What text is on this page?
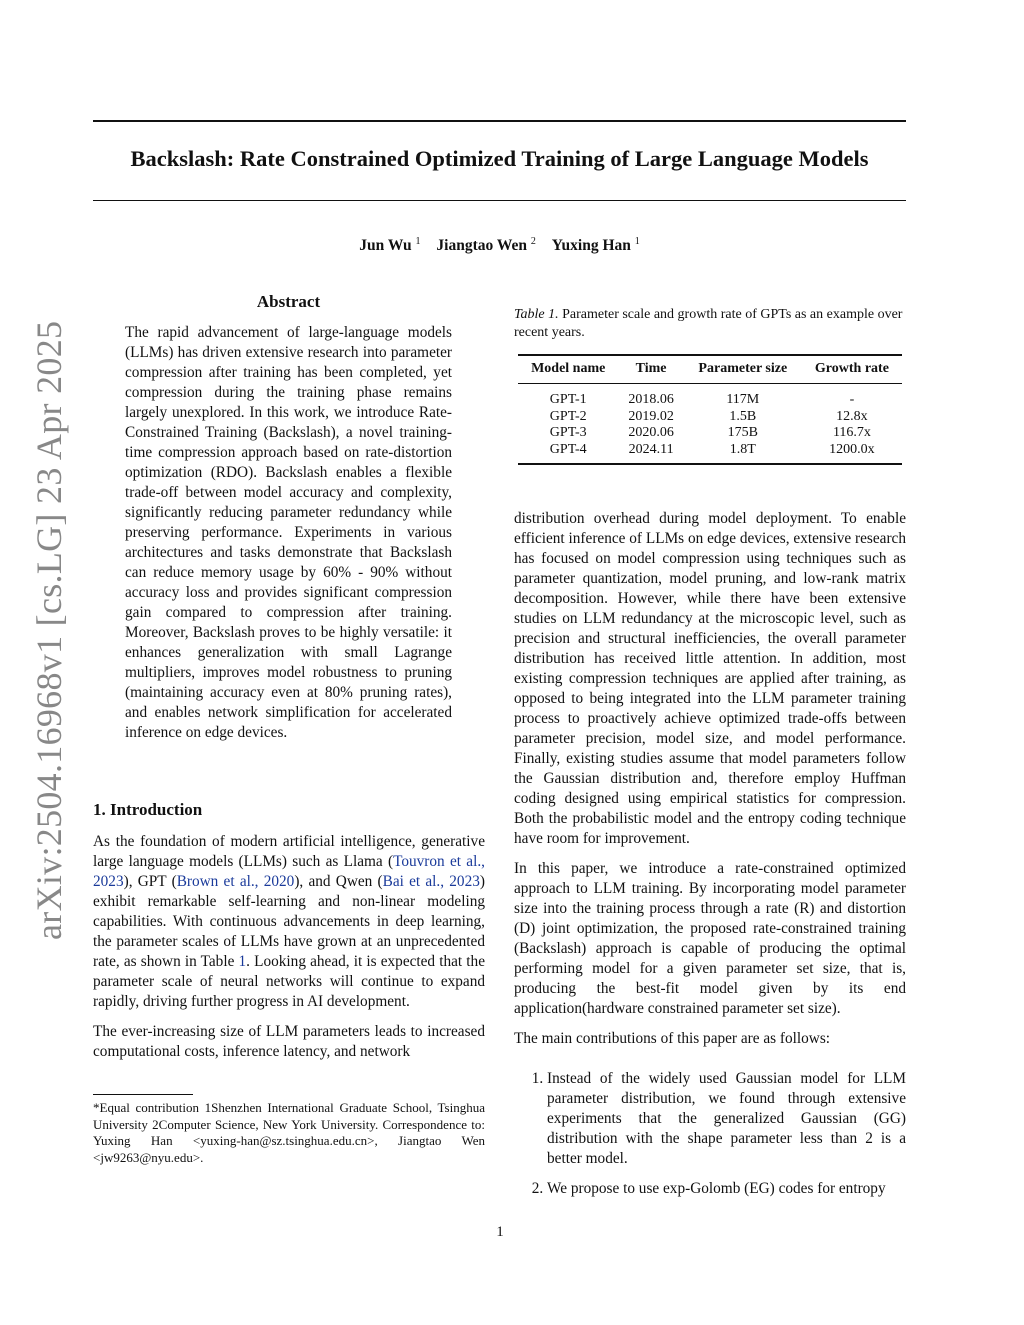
arXiv:2504.16968v1 [cs.LG] 23 Apr 2025
Backslash: Rate Constrained Optimized Training of Large Language Models
Jun Wu $^1$ Jiangtao Wen $^2$ Yuxing Han $^1$
Abstract

The rapid advancement of large-language models (LLMs) has driven extensive research into parameter compression after training has been completed, yet compression during the training phase remains largely unexplored. In this work, we introduce Rate-Constrained Training (Backslash), a novel training-time compression approach based on rate-distortion optimization (RDO). Backslash enables a flexible trade-off between model accuracy and complexity, significantly reducing parameter redundancy while preserving performance. Experiments in various architectures and tasks demonstrate that Backslash can reduce memory usage by 60% - 90% without accuracy loss and provides significant compression gain compared to compression after training. Moreover, Backslash proves to be highly versatile: it enhances generalization with small Lagrange multipliers, improves model robustness to pruning (maintaining accuracy even at 80% pruning rates), and enables network simplification for accelerated inference on edge devices.

1. Introduction

As the foundation of modern artificial intelligence, generative large language models (LLMs) such as Llama (Touvron et al., 2023), GPT (Brown et al., 2020), and Qwen (Bai et al., 2023) exhibit remarkable self-learning and non-linear modeling capabilities. With continuous advancements in deep learning, the parameter scales of LLMs have grown at an unprecedented rate, as shown in Table 1. Looking ahead, it is expected that the parameter scale of neural networks will continue to expand rapidly, driving further progress in AI development.

The ever-increasing size of LLM parameters leads to increased computational costs, inference latency, and network

*Equal contribution 1Shenzhen International Graduate School, Tsinghua University 2Computer Science, New York University. Correspondence to: Yuxing Han <yuxing-han@sz.tsinghua.edu.cn>, Jiangtao Wen <jw9263@nyu.edu>.
Table 1. Parameter scale and growth rate of GPTs as an example over recent years.
Model name	Time	Parameter size	Growth rate
GPT-1	2018.06	117M	-
GPT-2	2019.02	1.5B	12.8x
GPT-3	2020.06	175B	116.7x
GPT-4	2024.11	1.8T	1200.0x

distribution overhead during model deployment. To enable efficient inference of LLMs on edge devices, extensive research has focused on model compression using techniques such as parameter quantization, model pruning, and low-rank matrix decomposition. However, while there have been extensive studies on LLM redundancy at the microscopic level, such as precision and structural inefficiencies, the overall parameter distribution has received little attention. In addition, most existing compression techniques are applied after training, as opposed to being integrated into the LLM parameter training process to proactively achieve optimized trade-offs between parameter precision, model size, and model performance. Finally, existing studies assume that model parameters follow the Gaussian distribution and, therefore employ Huffman coding designed using empirical statistics for compression. Both the probabilistic model and the entropy coding technique have room for improvement.

In this paper, we introduce a rate-constrained optimized approach to LLM training. By incorporating model parameter size into the training process through a rate (R) and distortion (D) joint optimization, the proposed rate-constrained training (Backslash) approach is capable of producing the optimal performing model for a given parameter set size, that is, producing the best-fit model given by its end application(hardware constrained parameter set size).

The main contributions of this paper are as follows:

1. Instead of the widely used Gaussian model for LLM parameter distribution, we found through extensive experiments that the generalized Gaussian (GG) distribution with the shape parameter less than 2 is a better model.
2. We propose to use exp-Golomb (EG) codes for entropy
1
